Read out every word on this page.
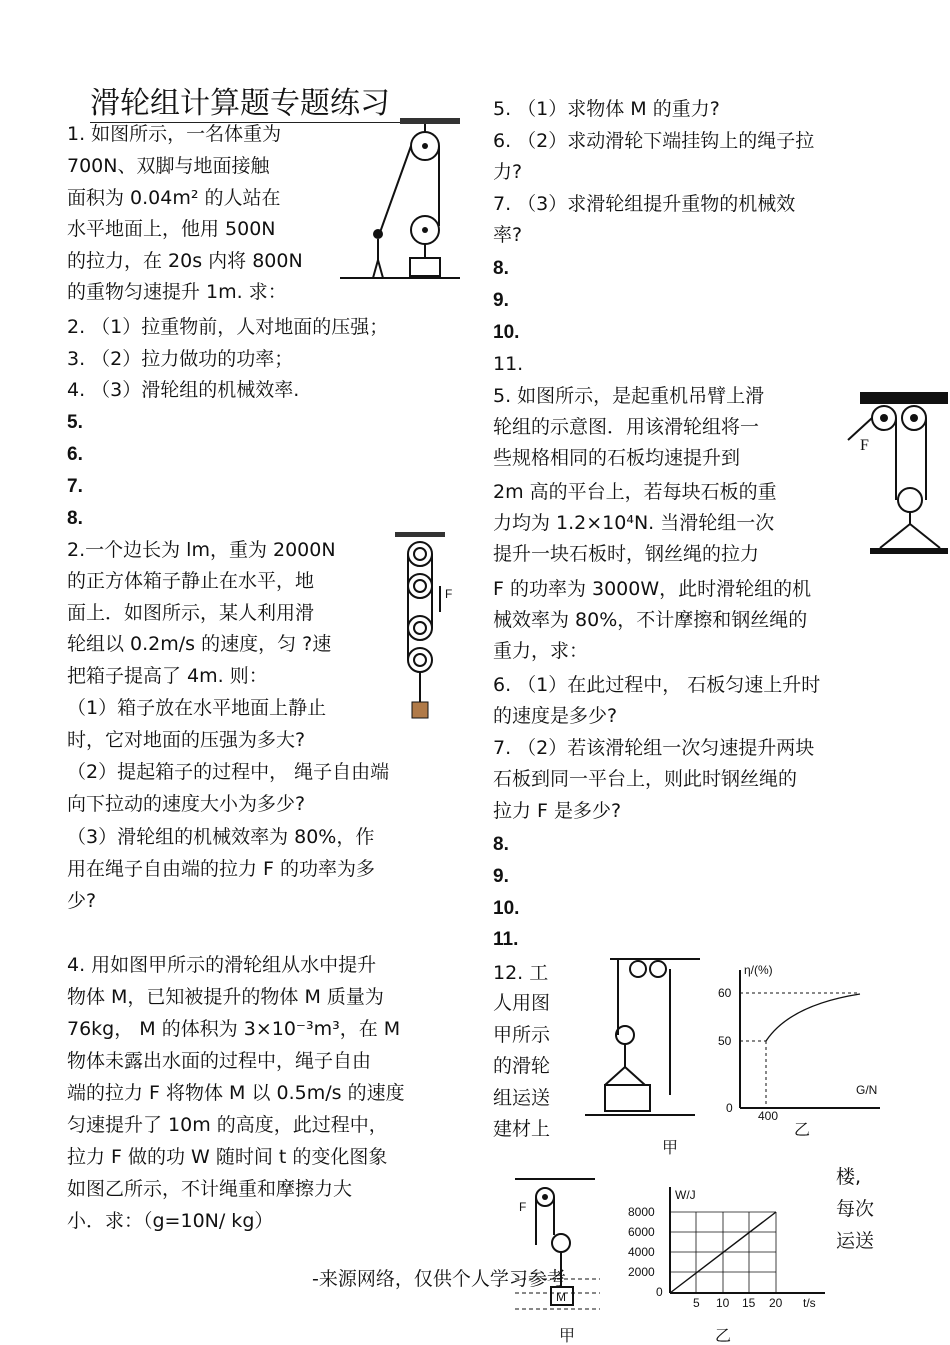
滑轮组计算题专题练习
1. 如图所示，一名体重为
700N、双脚与地面接触
面积为 0.04m² 的人站在
水平地面上，他用 500N
的拉力，在 20s 内将 800N
的重物匀速提升 1m. 求：
2. （1）拉重物前，人对地面的压强；
3. （2）拉力做功的功率；
4. （3）滑轮组的机械效率.
5.
6.
7.
8.
2.一个边长为 lm，重为 2000N
的正方体箱子静止在水平，地
面上．如图所示，某人利用滑
轮组以 0.2m/s 的速度，匀 ?速
把箱子提高了 4m. 则：
（1）箱子放在水平地面上静止
时，它对地面的压强为多大?
（2）提起箱子的过程中， 绳子自由端
向下拉动的速度大小为多少?
（3）滑轮组的机械效率为 80%，作
用在绳子自由端的拉力 F 的功率为多
少?
4. 用如图甲所示的滑轮组从水中提升
物体 M，已知被提升的物体 M 质量为
76kg， M 的体积为 3×10⁻³m³，在 M
物体未露出水面的过程中，绳子自由
端的拉力 F 将物体 M 以 0.5m/s 的速度
匀速提升了 10m 的高度，此过程中，
拉力 F 做的功 W 随时间 t 的变化图象
如图乙所示，不计绳重和摩擦力大
小．求：（g=10N/ kg）
5. （1）求物体 M 的重力?
6. （2）求动滑轮下端挂钩上的绳子拉
力?
7. （3）求滑轮组提升重物的机械效
率?
8.
9.
10.
11.
5. 如图所示，是起重机吊臂上滑
轮组的示意图．用该滑轮组将一
些规格相同的石板均速提升到
2m 高的平台上，若每块石板的重
力均为 1.2×10⁴N. 当滑轮组一次
提升一块石板时，钢丝绳的拉力
F 的功率为 3000W，此时滑轮组的机
械效率为 80%，不计摩擦和钢丝绳的
重力，求：
6. （1）在此过程中， 石板匀速上升时
的速度是多少?
7. （2）若该滑轮组一次匀速提升两块
石板到同一平台上，则此时钢丝绳的
拉力 F 是多少?
8.
9.
10.
11.
12. 工
人用图
甲所示
的滑轮
组运送
建材上
楼,
每次
运送
-来源网络，仅供个人学习参考
F
F
甲
η/(%)
G/N
60
50
0
400
乙
F
M
甲
W/J
t/s
8000
6000
4000
2000
0
5 10 15 20
乙
